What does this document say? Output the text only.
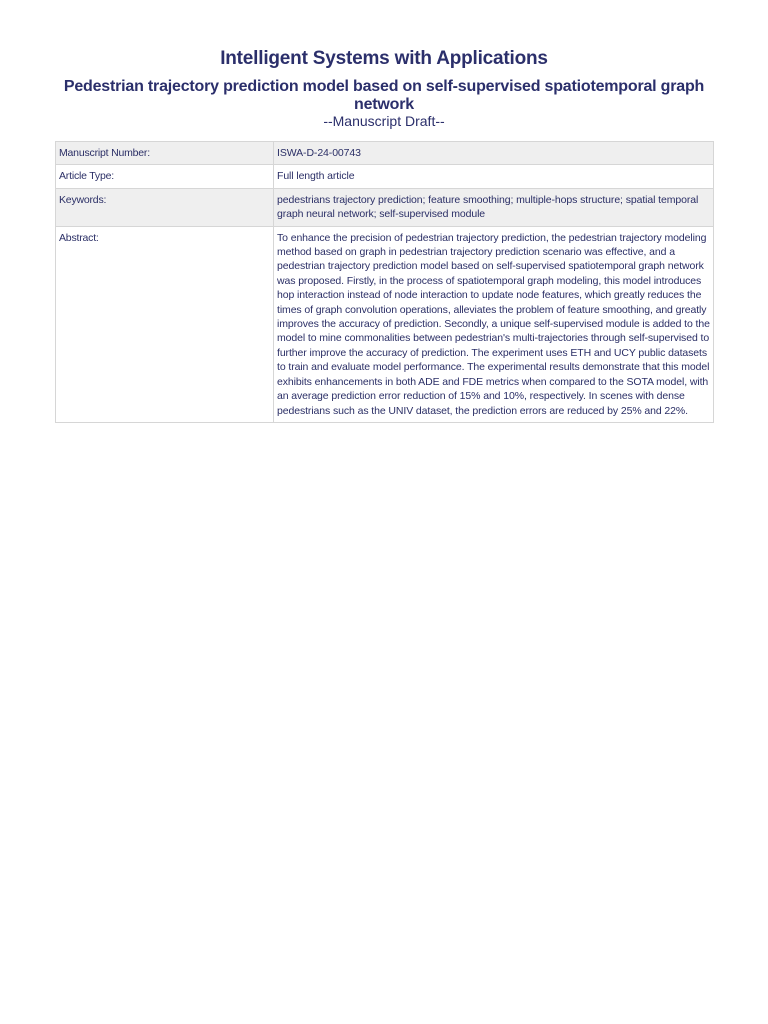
Intelligent Systems with Applications
Pedestrian trajectory prediction model based on self-supervised spatiotemporal graph network

--Manuscript Draft--

Manuscript Number:	ISWA-D-24-00743
Article Type:	Full length article
Keywords:	pedestrians trajectory prediction; feature smoothing; multiple-hops structure; spatial temporal graph neural network; self-supervised module
Abstract:	To enhance the precision of pedestrian trajectory prediction, the pedestrian trajectory modeling method based on graph in pedestrian trajectory prediction scenario was effective, and a pedestrian trajectory prediction model based on self-supervised spatiotemporal graph network was proposed. Firstly, in the process of spatiotemporal graph modeling, this model introduces hop interaction instead of node interaction to update node features, which greatly reduces the times of graph convolution operations, alleviates the problem of feature smoothing, and greatly improves the accuracy of prediction. Secondly, a unique self-supervised module is added to the model to mine commonalities between pedestrian's multi-trajectories through self-supervised to further improve the accuracy of prediction. The experiment uses ETH and UCY public datasets to train and evaluate model performance. The experimental results demonstrate that this model exhibits enhancements in both ADE and FDE metrics when compared to the SOTA model, with an average prediction error reduction of 15% and 10%, respectively. In scenes with dense pedestrians such as the UNIV dataset, the prediction errors are reduced by 25% and 22%.
